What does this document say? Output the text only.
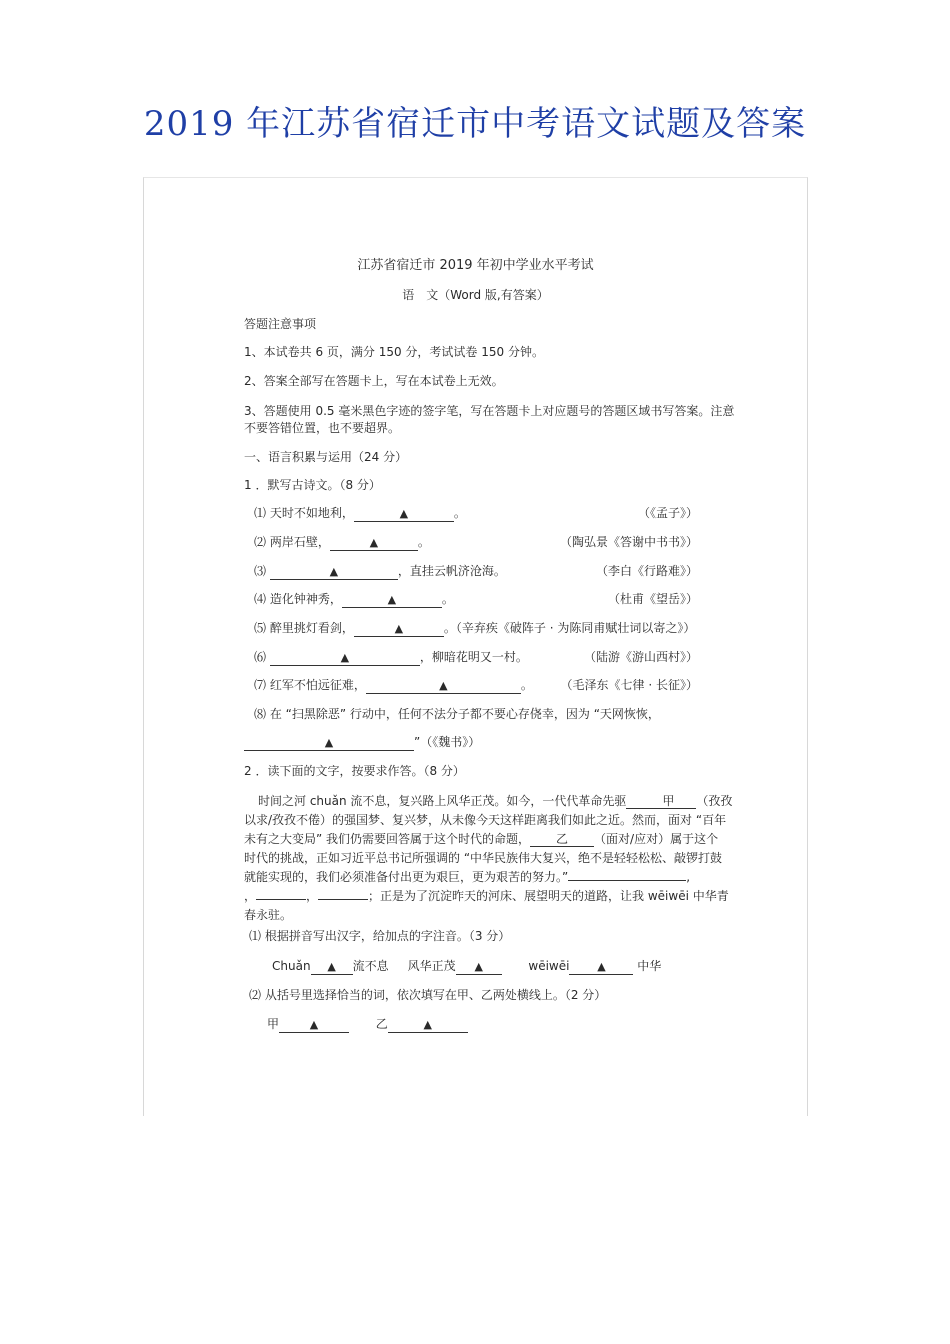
2019 年江苏省宿迁市中考语文试题及答案
江苏省宿迁市 2019 年初中学业水平考试
语　文（Word 版,有答案）
答题注意事项
1、本试卷共 6 页，满分 150 分，考试试卷 150 分钟。
2、答案全部写在答题卡上，写在本试卷上无效。
3、答题使用 0.5 毫米黑色字迹的签字笔，写在答题卡上对应题号的答题区域书写答案。注意
不要答错位置，也不要超界。
一、语言积累与运用（24 分）
1 ．默写古诗文。（8 分）
⑴ 天时不如地利，	▲	。	（《孟子》）
⑵ 两岸石壁，	▲	。	（陶弘景《答谢中书书》）
⑶	▲	，直挂云帆济沧海。	（李白《行路难》）
⑷ 造化钟神秀，	▲	。	（杜甫《望岳》）
⑸ 醉里挑灯看剑，	▲	。（辛弃疾《破阵子 · 为陈同甫赋壮词以寄之》）
⑹	▲	，柳暗花明又一村。	（陆游《游山西村》）
⑺ 红军不怕远征难，	▲	。 （毛泽东《七律 · 长征》）
⑻ 在 “扫黑除恶” 行动中，任何不法分子都不要心存侥幸，因为 “天网恢恢，
▲	”（《魏书》）
2 ．读下面的文字，按要求作答。（8 分）
时间之河 chuǎn 流不息，复兴路上风华正茂。如今，一代代革命先驱	甲 （孜孜
以求/孜孜不倦）的强国梦、复兴梦，从未像今天这样距离我们如此之近。然而，面对 “百年
未有之大变局” 我们仍需要回答属于这个时代的命题， 乙 （面对/应对）属于这个
时代的挑战，正如习近平总书记所强调的 “中华民族伟大复兴，绝不是轻轻松松、敲锣打鼓
就能实现的，我们必须准备付出更为艰巨，更为艰苦的努力。”	,
，	，	；正是为了沉淀昨天的河床、展望明天的道路，让我 wēiwēi 中华青
春永驻。
⑴ 根据拼音写出汉字，给加点的字注音。（3 分）
Chuǎn ▲ 流不息 风华正茂 ▲	wēiwēi	▲	中华
⑵ 从括号里选择恰当的词，依次填写在甲、乙两处横线上。（2 分）
甲	▲	乙	▲
